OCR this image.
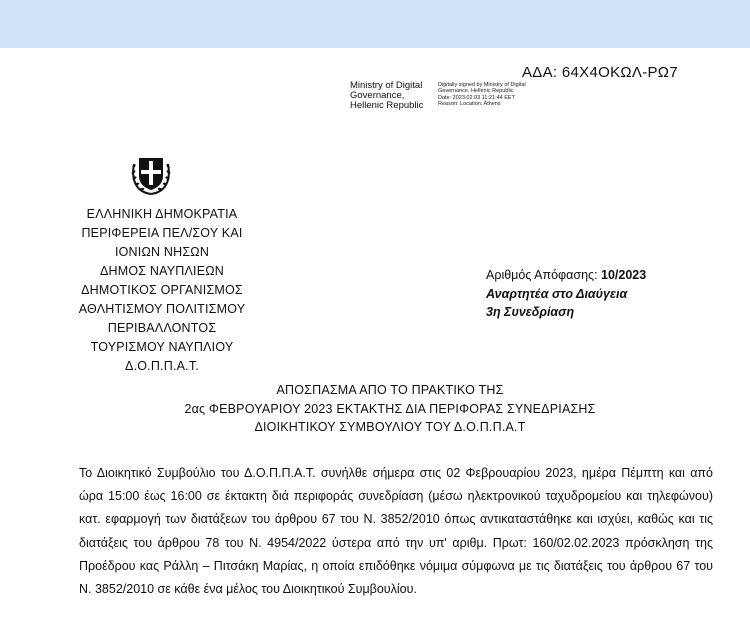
ΑΔΑ: 64Χ4ΟΚΩΛ-ΡΩ7
Ministry of Digital Governance, Hellenic Republic
Digitally signed by Ministry of Digital Governance, Hellenic Republic Date: 2023.02.03 11:21:44 EET Reason: Location: Athens
ΕΛΛΗΝΙΚΗ ΔΗΜΟΚΡΑΤΙΑ
ΠΕΡΙΦΕΡΕΙΑ ΠΕΛ/ΣΟΥ ΚΑΙ
ΙΟΝΙΩΝ ΝΗΣΩΝ
ΔΗΜΟΣ ΝΑΥΠΛΙΕΩΝ
ΔΗΜΟΤΙΚΟΣ ΟΡΓΑΝΙΣΜΟΣ
ΑΘΛΗΤΙΣΜΟΥ ΠΟΛΙΤΙΣΜΟΥ
ΠΕΡΙΒΑΛΛΟΝΤΟΣ
ΤΟΥΡΙΣΜΟΥ ΝΑΥΠΛΙΟΥ
Δ.Ο.Π.Π.Α.Τ.
Αριθμός Απόφασης: 10/2023
Αναρτητέα στο Διαύγεια
3η Συνεδρίαση
ΑΠΟΣΠΑΣΜΑ ΑΠΟ ΤΟ ΠΡΑΚΤΙΚΟ ΤΗΣ
2ας ΦΕΒΡΟΥΑΡΙΟΥ 2023 ΕΚΤΑΚΤΗΣ ΔΙΑ ΠΕΡΙΦΟΡΑΣ ΣΥΝΕΔΡΙΑΣΗΣ
ΔΙΟΙΚΗΤΙΚΟΥ ΣΥΜΒΟΥΛΙΟΥ ΤΟΥ Δ.Ο.Π.Π.Α.Τ
Το Διοικητικό Συμβούλιο του Δ.Ο.Π.Π.Α.Τ. συνήλθε σήμερα στις 02 Φεβρουαρίου 2023, ημέρα Πέμπτη και από ώρα 15:00 έως 16:00 σε έκτακτη διά περιφοράς συνεδρίαση (μέσω ηλεκτρονικού ταχυδρομείου και τηλεφώνου) κατ. εφαρμογή των διατάξεων του άρθρου 67 του Ν. 3852/2010 όπως αντικαταστάθηκε και ισχύει, καθώς και τις διατάξεις του άρθρου 78 του Ν. 4954/2022 ύστερα από την υπ' αριθμ. Πρωτ: 160/02.02.2023 πρόσκληση της Προέδρου κας Ράλλη – Πιτσάκη Μαρίας, η οποία επιδόθηκε νόμιμα σύμφωνα με τις διατάξεις του άρθρου 67 του Ν. 3852/2010 σε κάθε ένα μέλος του Διοικητικού Συμβουλίου.
